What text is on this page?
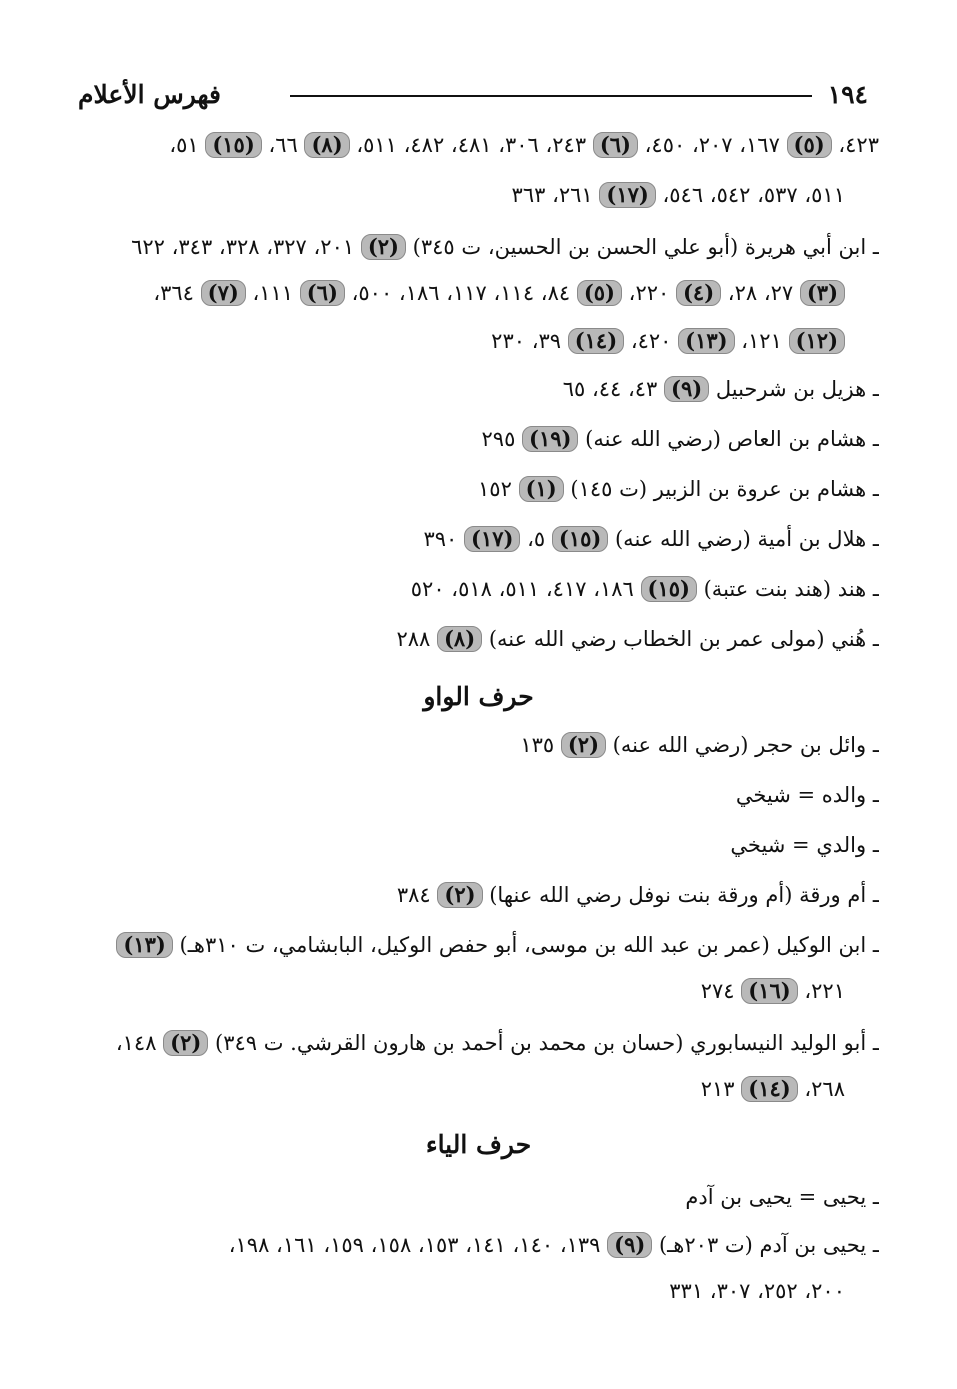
١٩٤
فهرس الأعلام
٤٢٣، (٥) ١٦٧، ٢٠٧، ٤٥٠، (٦) ٢٤٣، ٣٠٦، ٤٨١، ٤٨٢، ٥١١، (٨) ٦٦، (١٥) ٥١،
٥١١، ٥٣٧، ٥٤٢، ٥٤٦، (١٧) ٢٦١، ٣٦٣
ـ ابن أبي هريرة (أبو علي الحسن بن الحسين، ت ٣٤٥) (٢) ٢٠١، ٣٢٧، ٣٢٨، ٣٤٣، ٦٢٢
(٣) ٢٧، ٢٨، (٤) ٢٢٠، (٥) ٨٤، ١١٤، ١١٧، ١٨٦، ٥٠٠، (٦) ١١١، (٧) ٣٦٤،
(١٢) ١٢١، (١٣) ٤٢٠، (١٤) ٣٩، ٢٣٠
ـ هزيل بن شرحبيل (٩) ٤٣، ٤٤، ٦٥
ـ هشام بن العاص (رضي الله عنه) (١٩) ٢٩٥
ـ هشام بن عروة بن الزبير (ت ١٤٥) (١) ١٥٢
ـ هلال بن أمية (رضي الله عنه) (١٥) ٥، (١٧) ٣٩٠
ـ هند (هند بنت عتبة) (١٥) ١٨٦، ٤١٧، ٥١١، ٥١٨، ٥٢٠
ـ هُني (مولى عمر بن الخطاب رضي الله عنه) (٨) ٢٨٨
حرف الواو
ـ وائل بن حجر (رضي الله عنه) (٢) ١٣٥
ـ والده = شيخي
ـ والدي = شيخي
ـ أم ورقة (أم ورقة بنت نوفل رضي الله عنها) (٢) ٣٨٤
ـ ابن الوكيل (عمر بن عبد الله بن موسى، أبو حفص الوكيل، البابشامي، ت ٣١٠هـ) (١٣)
٢٢١، (١٦) ٢٧٤
ـ أبو الوليد النيسابوري (حسان بن محمد بن أحمد بن هارون القرشي. ت ٣٤٩) (٢) ١٤٨،
٢٦٨، (١٤) ٢١٣
حرف الياء
ـ يحيى = يحيى بن آدم
ـ يحيى بن آدم (ت ٢٠٣هـ) (٩) ١٣٩، ١٤٠، ١٤١، ١٥٣، ١٥٨، ١٥٩، ١٦١، ١٩٨،
٢٠٠، ٢٥٢، ٣٠٧، ٣٣١
